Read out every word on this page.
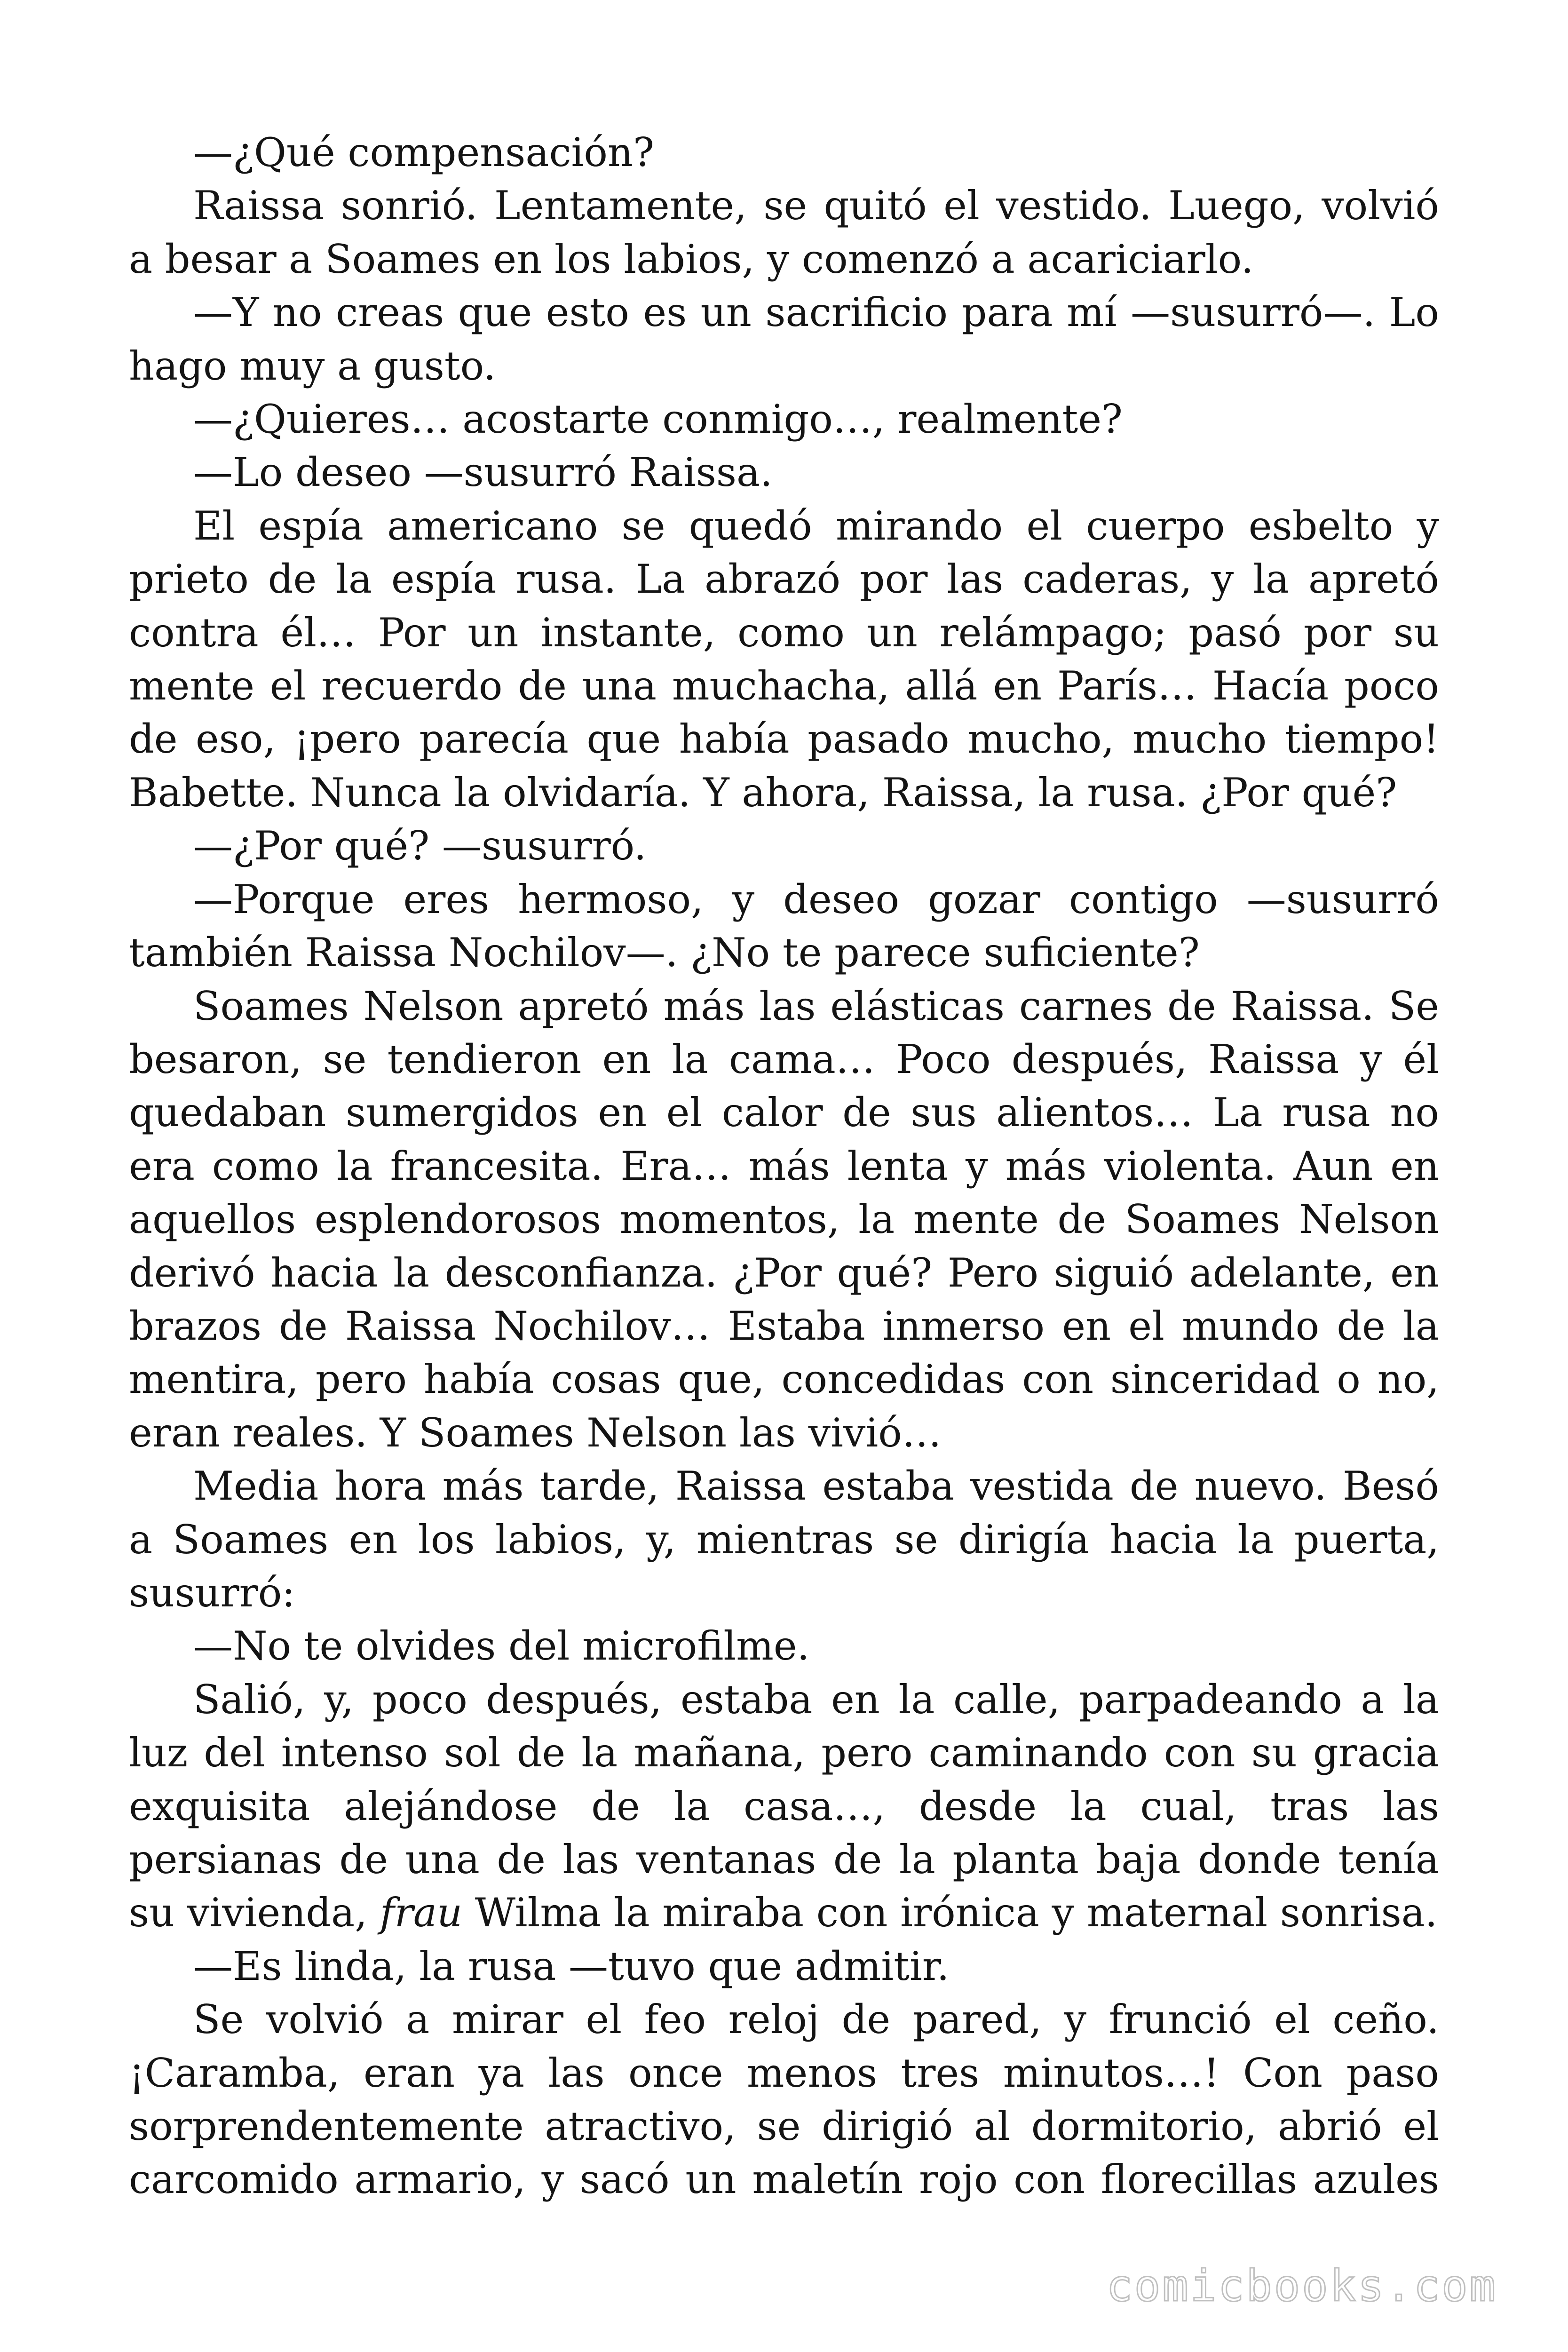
—¿Qué compensación?

Raissa sonrió. Lentamente, se quitó el vestido. Luego, volvió a besar a Soames en los labios, y comenzó a acariciarlo.

—Y no creas que esto es un sacrificio para mí —susurró—. Lo hago muy a gusto.

—¿Quieres… acostarte conmigo…, realmente?

—Lo deseo —susurró Raissa.

El espía americano se quedó mirando el cuerpo esbelto y prieto de la espía rusa. La abrazó por las caderas, y la apretó contra él… Por un instante, como un relámpago; pasó por su mente el recuerdo de una muchacha, allá en París… Hacía poco de eso, ¡pero parecía que había pasado mucho, mucho tiempo! Babette. Nunca la olvidaría. Y ahora, Raissa, la rusa. ¿Por qué?

—¿Por qué? —susurró.

—Porque eres hermoso, y deseo gozar contigo —susurró también Raissa Nochilov—. ¿No te parece suficiente?

Soames Nelson apretó más las elásticas carnes de Raissa. Se besaron, se tendieron en la cama… Poco después, Raissa y él quedaban sumergidos en el calor de sus alientos… La rusa no era como la francesita. Era… más lenta y más violenta. Aun en aquellos esplendorosos momentos, la mente de Soames Nelson derivó hacia la desconfianza. ¿Por qué? Pero siguió adelante, en brazos de Raissa Nochilov… Estaba inmerso en el mundo de la mentira, pero había cosas que, concedidas con sinceridad o no, eran reales. Y Soames Nelson las vivió…

Media hora más tarde, Raissa estaba vestida de nuevo. Besó a Soames en los labios, y, mientras se dirigía hacia la puerta, susurró:

—No te olvides del microfilme.

Salió, y, poco después, estaba en la calle, parpadeando a la luz del intenso sol de la mañana, pero caminando con su gracia exquisita alejándose de la casa…, desde la cual, tras las persianas de una de las ventanas de la planta baja donde tenía su vivienda, frau Wilma la miraba con irónica y maternal sonrisa.

—Es linda, la rusa —tuvo que admitir.

Se volvió a mirar el feo reloj de pared, y frunció el ceño. ¡Caramba, eran ya las once menos tres minutos…! Con paso sorprendentemente atractivo, se dirigió al dormitorio, abrió el carcomido armario, y sacó un maletín rojo con florecillas azules

comicbooks.com
